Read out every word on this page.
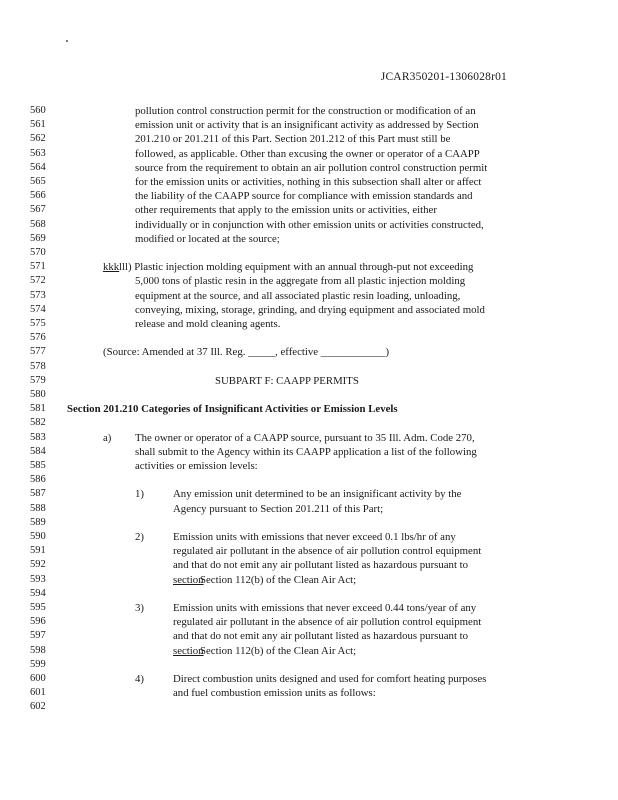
JCAR350201-1306028r01
560	pollution control construction permit for the construction or modification of an
561	emission unit or activity that is an insignificant activity as addressed by Section
562	201.210 or 201.211 of this Part. Section 201.212 of this Part must still be
563	followed, as applicable. Other than excusing the owner or operator of a CAAPP
564	source from the requirement to obtain an air pollution control construction permit
565	for the emission units or activities, nothing in this subsection shall alter or affect
566	the liability of the CAAPP source for compliance with emission standards and
567	other requirements that apply to the emission units or activities, either
568	individually or in conjunction with other emission units or activities constructed,
569	modified or located at the source;
570
571	kkk lll) Plastic injection molding equipment with an annual through-put not exceeding
572	5,000 tons of plastic resin in the aggregate from all plastic injection molding
573	equipment at the source, and all associated plastic resin loading, unloading,
574	conveying, mixing, storage, grinding, and drying equipment and associated mold
575	release and mold cleaning agents.
576
577	(Source: Amended at 37 Ill. Reg. _____, effective ____________)
578
579	SUBPART F: CAAPP PERMITS
580
581	Section 201.210 Categories of Insignificant Activities or Emission Levels
582
583	a) The owner or operator of a CAAPP source, pursuant to 35 Ill. Adm. Code 270,
584	shall submit to the Agency within its CAAPP application a list of the following
585	activities or emission levels:
586
587	1)	Any emission unit determined to be an insignificant activity by the
588	Agency pursuant to Section 201.211 of this Part;
589
590	2)	Emission units with emissions that never exceed 0.1 lbs/hr of any
591	regulated air pollutant in the absence of air pollution control equipment
592	and that do not emit any air pollutant listed as hazardous pursuant to
593	section
Section 112(b) of the Clean Air Act;
594
595	3)	Emission units with emissions that never exceed 0.44 tons/year of any
596	regulated air pollutant in the absence of air pollution control equipment
597	and that do not emit any air pollutant listed as hazardous pursuant to
598	section
Section 112(b) of the Clean Air Act;
599
600	4)	Direct combustion units designed and used for comfort heating purposes
601	and fuel combustion emission units as follows:
602
